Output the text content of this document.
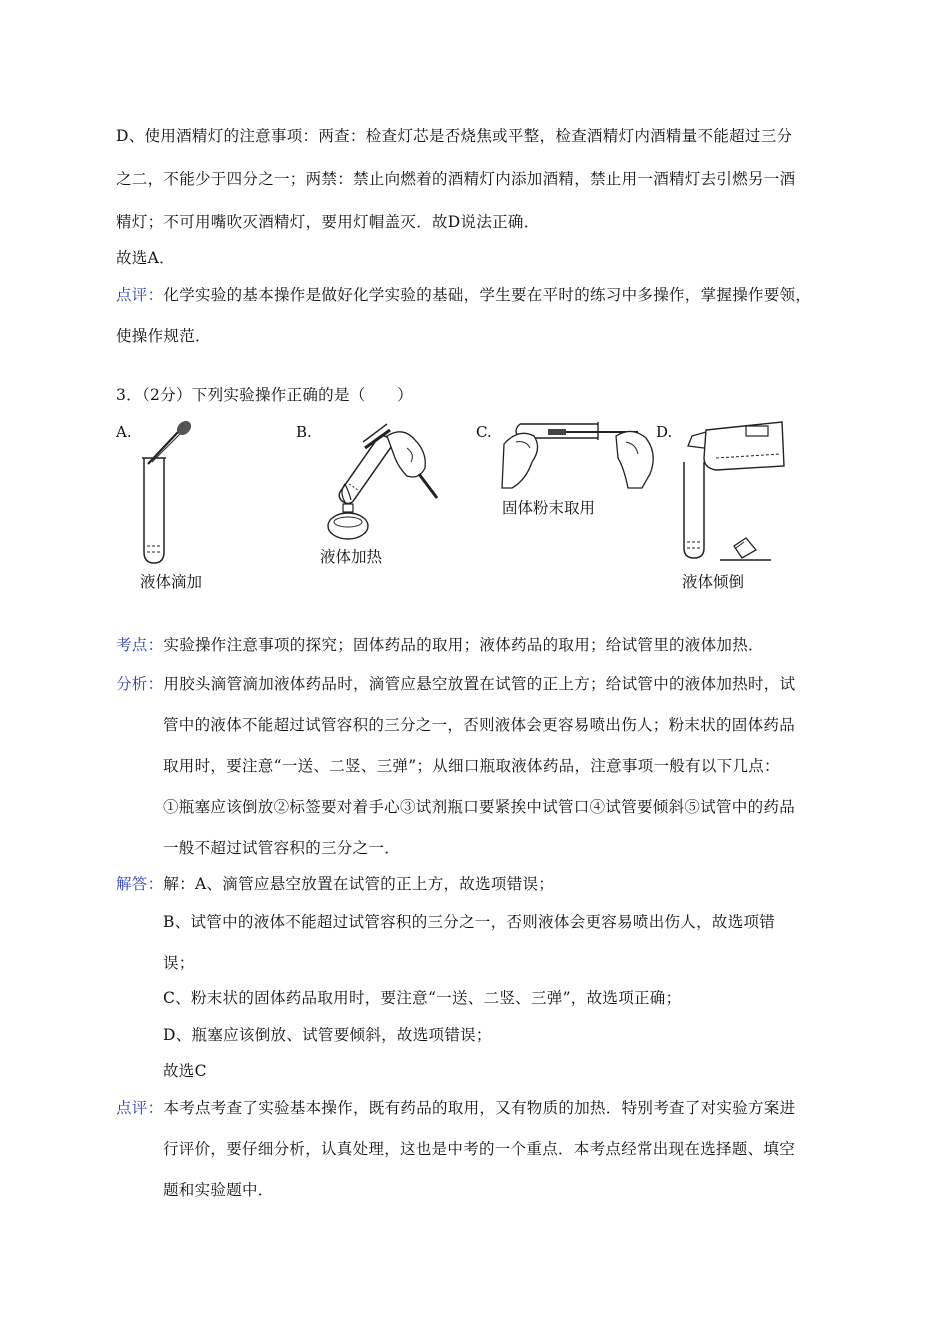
D、使用酒精灯的注意事项：两查：检查灯芯是否烧焦或平整，检查酒精灯内酒精量不能超过三分
之二，不能少于四分之一；两禁：禁止向燃着的酒精灯内添加酒精，禁止用一酒精灯去引燃另一酒
精灯；不可用嘴吹灭酒精灯，要用灯帽盖灭．故D说法正确．
故选A．
点评：化学实验的基本操作是做好化学实验的基础，学生要在平时的练习中多操作，掌握操作要领，
使操作规范．
3．（2分）下列实验操作正确的是（　　）
A.
液体滴加
B.
液体加热
C.
固体粉末取用
D.
液体倾倒
考点：实验操作注意事项的探究；固体药品的取用；液体药品的取用；给试管里的液体加热．
分析：用胶头滴管滴加液体药品时，滴管应悬空放置在试管的正上方；给试管中的液体加热时，试
管中的液体不能超过试管容积的三分之一，否则液体会更容易喷出伤人；粉末状的固体药品
取用时，要注意“一送、二竖、三弹”；从细口瓶取液体药品，注意事项一般有以下几点：
①瓶塞应该倒放②标签要对着手心③试剂瓶口要紧挨中试管口④试管要倾斜⑤试管中的药品
一般不超过试管容积的三分之一．
解答：解：A、滴管应悬空放置在试管的正上方，故选项错误；
B、试管中的液体不能超过试管容积的三分之一，否则液体会更容易喷出伤人，故选项错
误；
C、粉末状的固体药品取用时，要注意“一送、二竖、三弹”，故选项正确；
D、瓶塞应该倒放、试管要倾斜，故选项错误；
故选C
点评：本考点考查了实验基本操作，既有药品的取用，又有物质的加热．特别考查了对实验方案进
行评价，要仔细分析，认真处理，这也是中考的一个重点．本考点经常出现在选择题、填空
题和实验题中．
